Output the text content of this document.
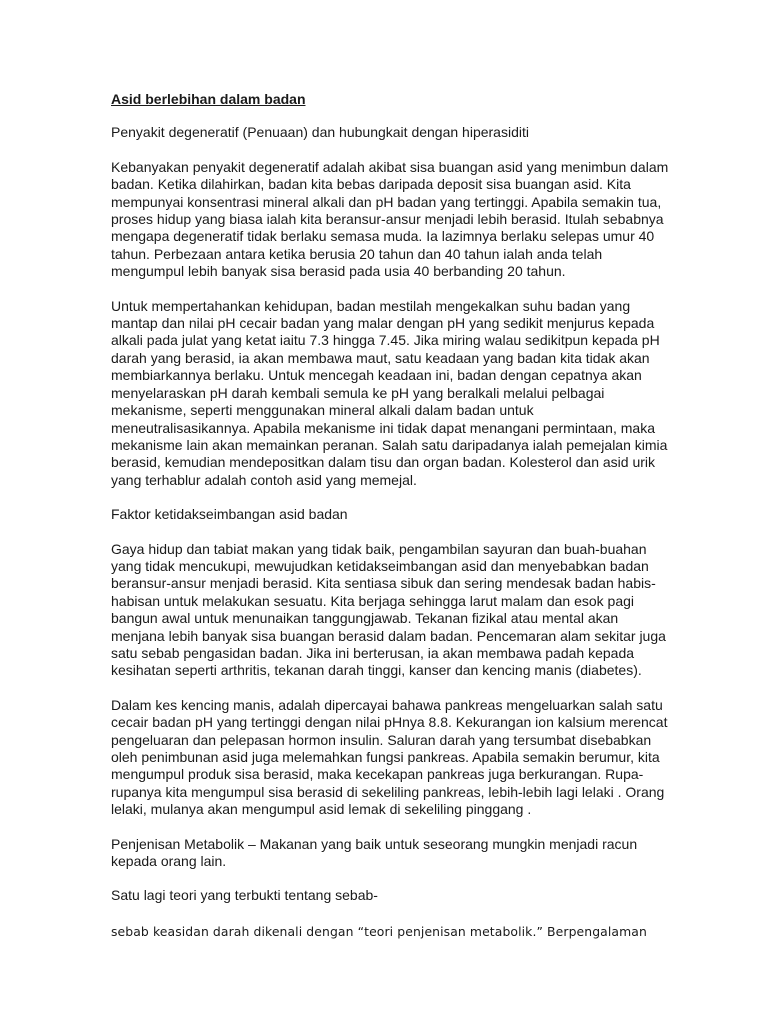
Asid berlebihan dalam badan
Penyakit degeneratif (Penuaan) dan hubungkait dengan hiperasiditi
Kebanyakan penyakit degeneratif adalah akibat sisa buangan asid yang menimbun dalam badan. Ketika dilahirkan, badan kita bebas daripada deposit sisa buangan asid. Kita mempunyai konsentrasi mineral alkali dan pH badan yang tertinggi. Apabila semakin tua, proses hidup yang biasa ialah kita beransur-ansur menjadi lebih berasid. Itulah sebabnya mengapa degeneratif tidak berlaku semasa muda. Ia lazimnya berlaku selepas umur 40 tahun. Perbezaan antara ketika berusia 20 tahun dan 40 tahun ialah anda telah mengumpul lebih banyak sisa berasid pada usia 40 berbanding 20 tahun.
Untuk mempertahankan kehidupan, badan mestilah mengekalkan suhu badan yang mantap dan nilai pH cecair badan yang malar dengan pH yang sedikit menjurus kepada alkali pada julat yang ketat iaitu 7.3 hingga 7.45. Jika miring walau sedikitpun kepada pH darah yang berasid, ia akan membawa maut, satu keadaan yang badan kita tidak akan membiarkannya berlaku. Untuk mencegah keadaan ini, badan dengan cepatnya akan menyelaraskan pH darah kembali semula ke pH yang beralkali melalui pelbagai mekanisme, seperti menggunakan mineral alkali dalam badan untuk meneutralisasikannya. Apabila mekanisme ini tidak dapat menangani permintaan, maka mekanisme lain akan memainkan peranan. Salah satu daripadanya ialah pemejalan kimia berasid, kemudian mendepositkan dalam tisu dan organ badan. Kolesterol dan asid urik yang terhablur adalah contoh asid yang memejal.
Faktor ketidakseimbangan asid badan
Gaya hidup dan tabiat makan yang tidak baik, pengambilan sayuran dan buah-buahan yang tidak mencukupi, mewujudkan ketidakseimbangan asid dan menyebabkan badan beransur-ansur menjadi berasid. Kita sentiasa sibuk dan sering mendesak badan habis-habisan untuk melakukan sesuatu. Kita berjaga sehingga larut malam dan esok pagi bangun awal untuk menunaikan tanggungjawab. Tekanan fizikal atau mental akan menjana lebih banyak sisa buangan berasid dalam badan. Pencemaran alam sekitar juga satu sebab pengasidan badan. Jika ini berterusan, ia akan membawa padah kepada kesihatan seperti arthritis, tekanan darah tinggi, kanser dan kencing manis (diabetes).
Dalam kes kencing manis, adalah dipercayai bahawa pankreas mengeluarkan salah satu cecair badan pH yang tertinggi dengan nilai pHnya 8.8. Kekurangan ion kalsium merencat pengeluaran dan pelepasan hormon insulin. Saluran darah yang tersumbat disebabkan oleh penimbunan asid juga melemahkan fungsi pankreas. Apabila semakin berumur, kita mengumpul produk sisa berasid, maka kecekapan pankreas juga berkurangan. Rupa-rupanya kita mengumpul sisa berasid di sekeliling pankreas, lebih-lebih lagi lelaki . Orang lelaki, mulanya akan mengumpul asid lemak di sekeliling pinggang .
Penjenisan Metabolik – Makanan yang baik untuk seseorang mungkin menjadi racun kepada orang lain.
Satu lagi teori yang terbukti tentang sebab-
sebab keasidan darah dikenali dengan “teori penjenisan metabolik.” Berpengalaman
